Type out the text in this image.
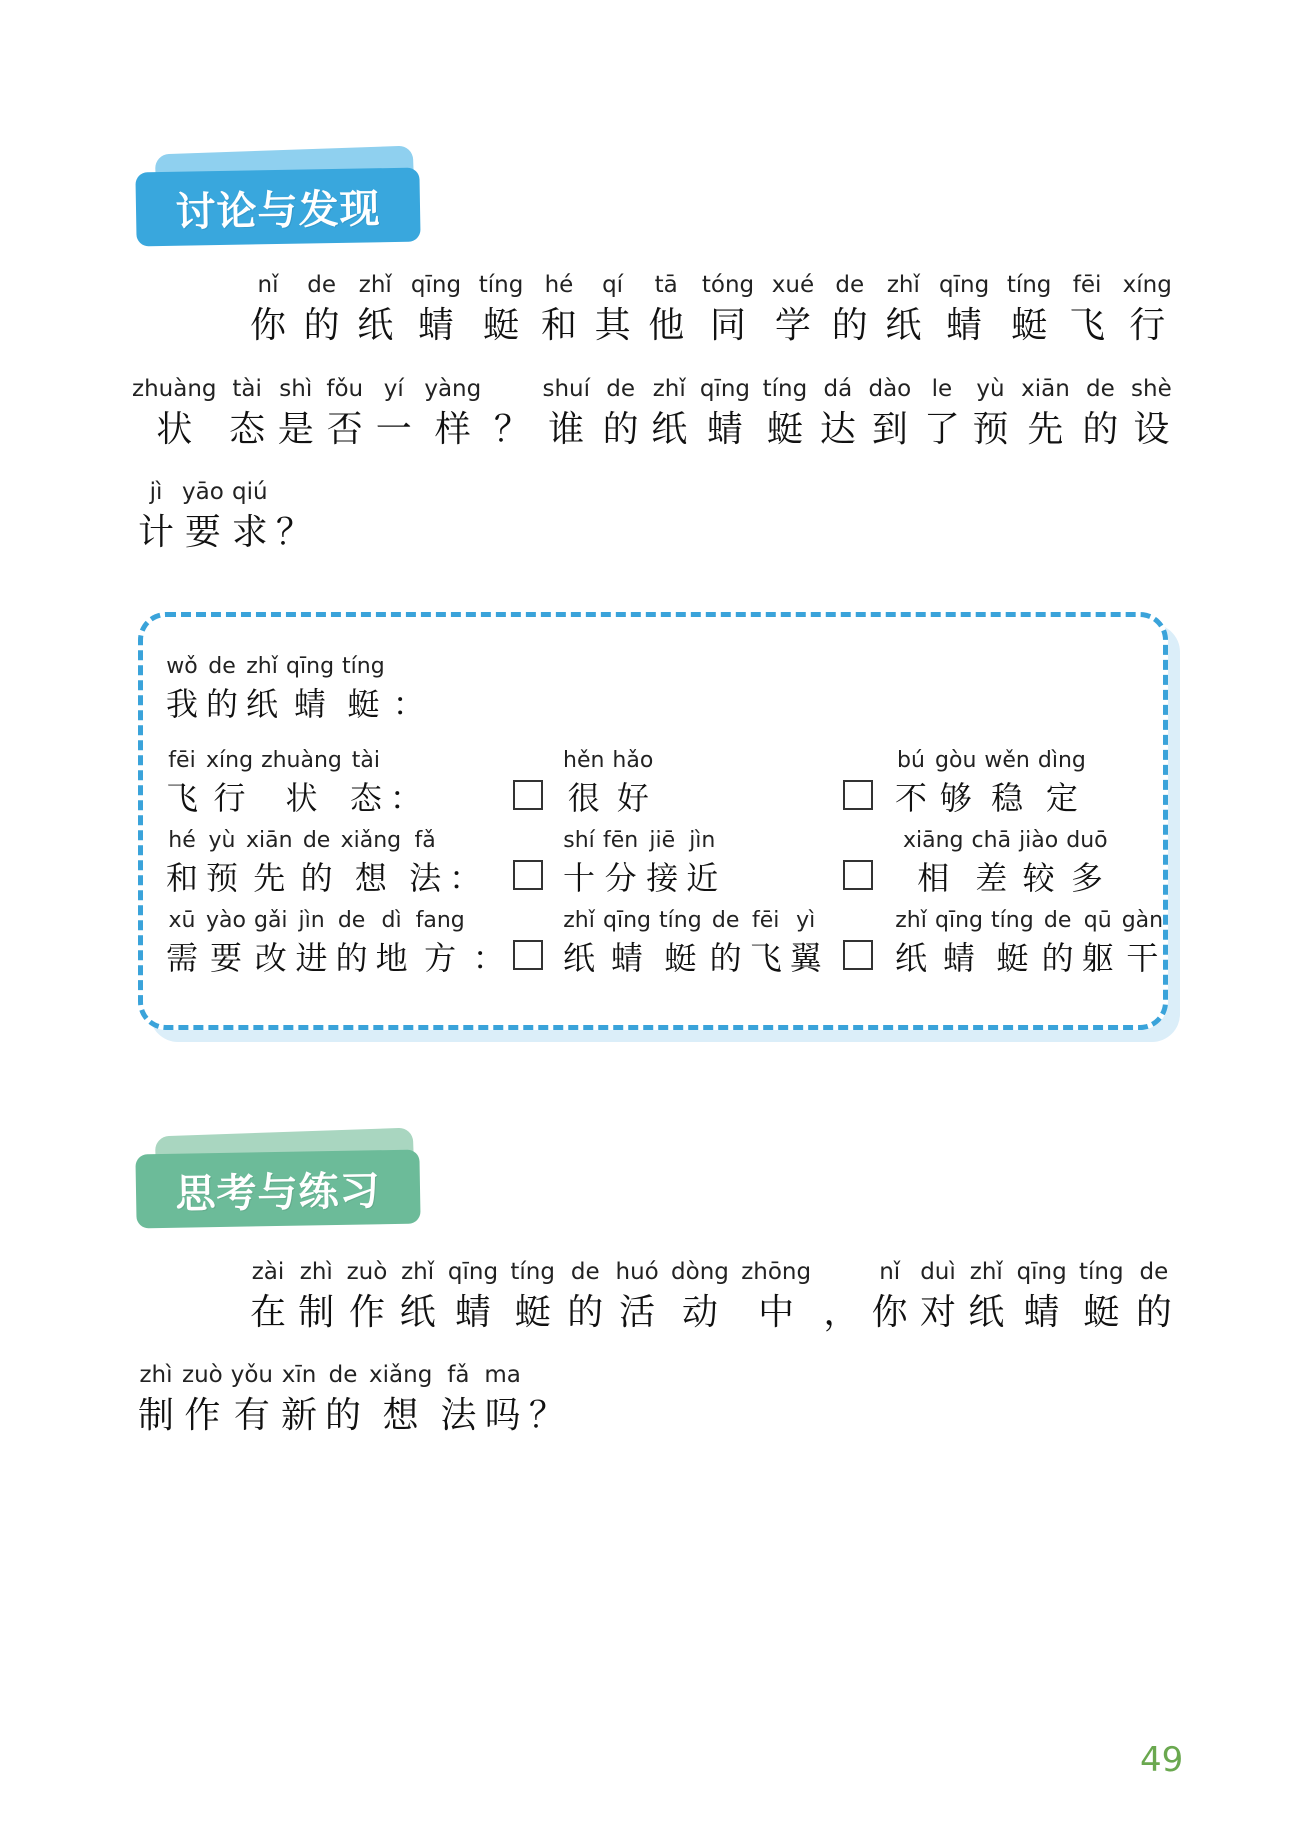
讨论与发现
nǐ
你
de
的
zhǐ
纸
qīng
蜻
tíng
蜓
hé
和
qí
其
tā
他
tóng
同
xué
学
de
的
zhǐ
纸
qīng
蜻
tíng
蜓
fēi
飞
xíng
行
zhuàng
状
tài
态
shì
是
fǒu
否
yí
一
yàng
样 ？
shuí
谁
de
的
zhǐ
纸
qīng
蜻
tíng
蜓
dá
达
dào
到
le
了
yù
预
xiān
先
de
的
shè
设
jì
计
yāo
要
qiú
求 ？
wǒ
我
de
的
zhǐ
纸
qīng
蜻
tíng
蜓 ：
fēi
飞
xíng
行
zhuàng
状
tài
态 ：
hěn
很
hǎo
好
bú
不
gòu
够
wěn
稳
dìng
定
hé
和
yù
预
xiān
先
de
的
xiǎng
想
fǎ
法 ：
shí
十
fēn
分
jiē
接
jìn
近
xiāng
相
chā
差
jiào
较
duō
多
xū
需
yào
要
gǎi
改
jìn
进
de
的
dì
地
fang
方 ：
zhǐ
纸
qīng
蜻
tíng
蜓
de
的
fēi
飞
yì
翼
zhǐ
纸
qīng
蜻
tíng
蜓
de
的
qū
躯
gàn
干
思考与练习
zài
在
zhì
制
zuò
作
zhǐ
纸
qīng
蜻
tíng
蜓
de
的
huó
活
dòng
动
zhōng
中 ，
nǐ
你
duì
对
zhǐ
纸
qīng
蜻
tíng
蜓
de
的
zhì
制
zuò
作
yǒu
有
xīn
新
de
的
xiǎng
想
fǎ
法
ma
吗 ？
49
